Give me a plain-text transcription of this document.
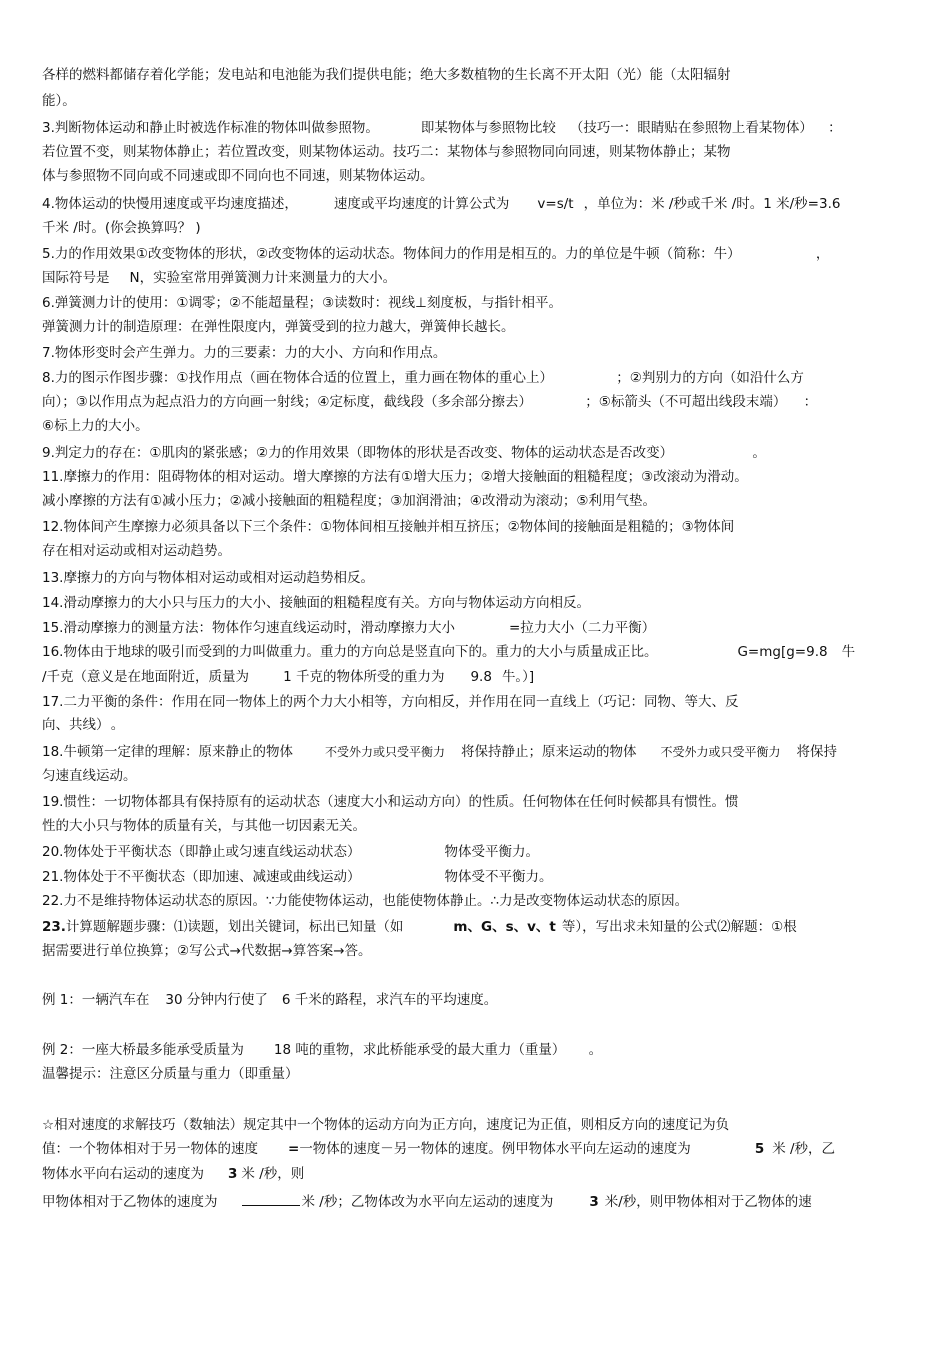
各样的燃料都储存着化学能；发电站和电池能为我们提供电能；绝大多数植物的生长离不开太阳（光）能（太阳辐射

能）。

3.判断物体运动和静止时被选作标准的物体叫做参照物。	即某物体与参照物比较 （技巧一：眼睛贴在参照物上看某物体） ：

若位置不变，则某物体静止；若位置改变，则某物体运动。技巧二：某物体与参照物同向同速，则某物体静止；某物

体与参照物不同向或不同速或即不同向也不同速，则某物体运动。

4.物体运动的快慢用速度或平均速度描述，	速度或平均速度的计算公式为 v=s/t ，单位为：米 /秒或千米 /时。1 米/秒=3.6

千米 /时。(你会换算吗？ )

5.力的作用效果①改变物体的形状，②改变物体的运动状态。物体间力的作用是相互的。力的单位是牛顿（简称：牛）	，

国际符号是 N，实验室常用弹簧测力计来测量力的大小。

6.弹簧测力计的使用：①调零；②不能超量程；③读数时：视线⊥刻度板，与指针相平。

弹簧测力计的制造原理：在弹性限度内，弹簧受到的拉力越大，弹簧伸长越长。

7.物体形变时会产生弹力。力的三要素：力的大小、方向和作用点。

8.力的图示作图步骤：①找作用点（画在物体合适的位置上，重力画在物体的重心上）	；②判别力的方向（如沿什么方

向）；③以作用点为起点沿力的方向画一射线；④定标度，截线段（多余部分擦去）	；⑤标箭头（不可超出线段末端） ：

⑥标上力的大小。

9.判定力的存在：①肌肉的紧张感；②力的作用效果（即物体的形状是否改变、物体的运动状态是否改变）	。

11.摩擦力的作用：阻碍物体的相对运动。增大摩擦的方法有①增大压力；②增大接触面的粗糙程度；③改滚动为滑动。

减小摩擦的方法有①减小压力；②减小接触面的粗糙程度；③加润滑油；④改滑动为滚动；⑤利用气垫。

12.物体间产生摩擦力必须具备以下三个条件：①物体间相互接触并相互挤压；②物体间的接触面是粗糙的；③物体间

存在相对运动或相对运动趋势。

13.摩擦力的方向与物体相对运动或相对运动趋势相反。

14.滑动摩擦力的大小只与压力的大小、接触面的粗糙程度有关。方向与物体运动方向相反。

15.滑动摩擦力的测量方法：物体作匀速直线运动时，滑动摩擦力大小	=拉力大小（二力平衡）

16.物体由于地球的吸引而受到的力叫做重力。重力的方向总是竖直向下的。重力的大小与质量成正比。	G=mg[g=9.8 牛

/千克（意义是在地面附近，质量为	1 千克的物体所受的重力为 9.8 牛。）]

17.二力平衡的条件：作用在同一物体上的两个力大小相等，方向相反，并作用在同一直线上（巧记：同物、等大、反

向、共线） 。

18.牛顿第一定律的理解：原来静止的物体	不受外力或只受平衡力 将保持静止；原来运动的物体 不受外力或只受平衡力 将保持

匀速直线运动。

19.惯性：一切物体都具有保持原有的运动状态（速度大小和运动方向）的性质。任何物体在任何时候都具有惯性。惯

性的大小只与物体的质量有关，与其他一切因素无关。

20.物体处于平衡状态（即静止或匀速直线运动状态）	物体受平衡力。

21.物体处于不平衡状态（即加速、减速或曲线运动）	物体受不平衡力。

22.力不是维持物体运动状态的原因。∵力能使物体运动，也能使物体静止。∴力是改变物体运动状态的原因。

23.计算题解题步骤：⑴读题，划出关键词，标出已知量（如	m、G、s、v、t 等），写出求未知量的公式⑵解题：①根

据需要进行单位换算；②写公式→代数据→算答案→答。

例 1：一辆汽车在 30 分钟内行使了 6 千米的路程，求汽车的平均速度。

例 2：一座大桥最多能承受质量为 18 吨的重物，求此桥能承受的最大重力（重量） 。

温馨提示：注意区分质量与重力（即重量）

☆相对速度的求解技巧（数轴法）规定其中一个物体的运动方向为正方向，速度记为正值，则相反方向的速度记为负

值：一个物体相对于另一物体的速度 =一物体的速度－另一物体的速度。例甲物体水平向左运动的速度为	5 米 /秒，乙

物体水平向右运动的速度为 3 米 /秒，则

甲物体相对于乙物体的速度为	米 /秒；乙物体改为水平向左运动的速度为	3 米/秒，则甲物体相对于乙物体的速
